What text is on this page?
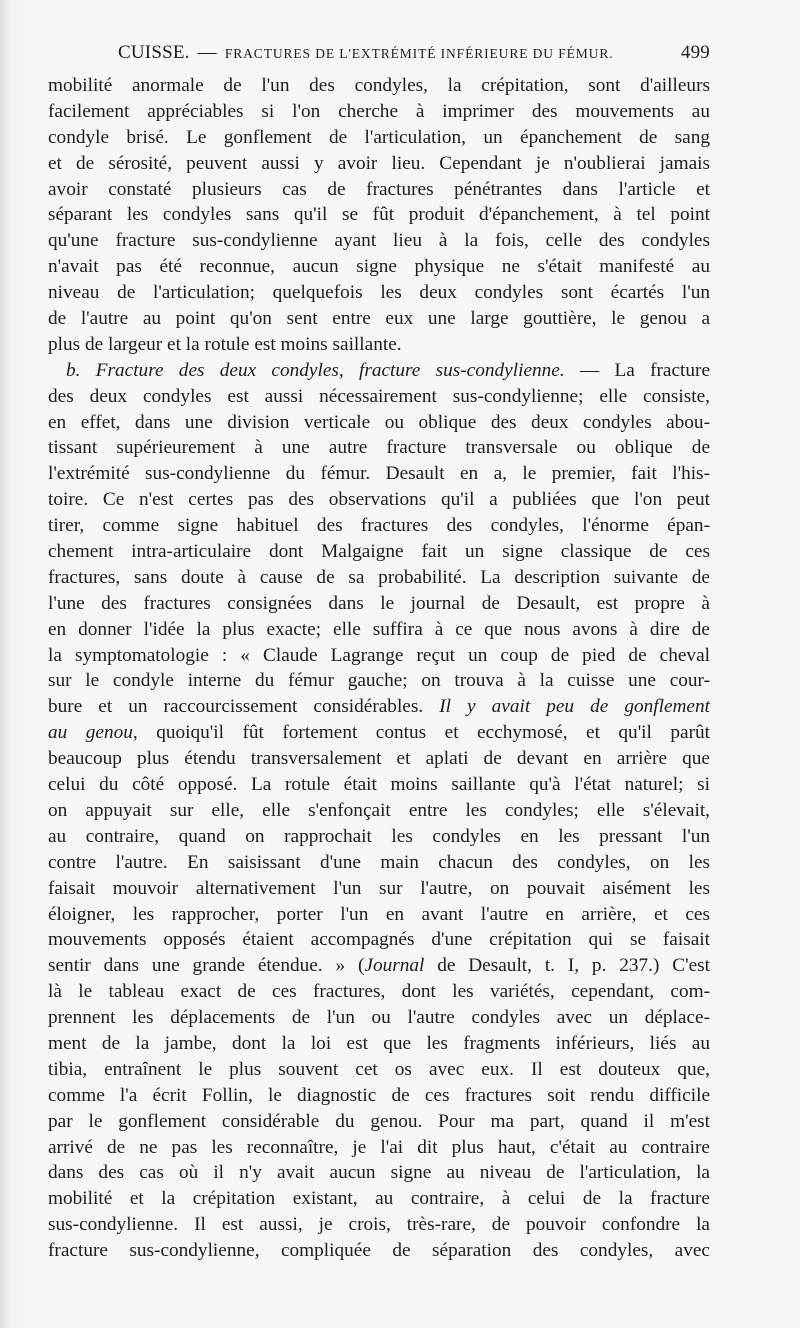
CUISSE. — FRACTURES DE L'EXTRÉMITÉ INFÉRIEURE DU FÉMUR.	499
mobilité anormale de l'un des condyles, la crépitation, sont d'ailleurs
facilement appréciables si l'on cherche à imprimer des mouvements au
condyle brisé. Le gonflement de l'articulation, un épanchement de sang
et de sérosité, peuvent aussi y avoir lieu. Cependant je n'oublierai jamais
avoir constaté plusieurs cas de fractures pénétrantes dans l'article et
séparant les condyles sans qu'il se fût produit d'épanchement, à tel point
qu'une fracture sus-condylienne ayant lieu à la fois, celle des condyles
n'avait pas été reconnue, aucun signe physique ne s'était manifesté au
niveau de l'articulation; quelquefois les deux condyles sont écartés l'un
de l'autre au point qu'on sent entre eux une large gouttière, le genou a
plus de largeur et la rotule est moins saillante.
b. Fracture des deux condyles, fracture sus-condylienne. — La fracture
des deux condyles est aussi nécessairement sus-condylienne; elle consiste,
en effet, dans une division verticale ou oblique des deux condyles abou-
tissant supérieurement à une autre fracture transversale ou oblique de
l'extrémité sus-condylienne du fémur. Desault en a, le premier, fait l'his-
toire. Ce n'est certes pas des observations qu'il a publiées que l'on peut
tirer, comme signe habituel des fractures des condyles, l'énorme épan-
chement intra-articulaire dont Malgaigne fait un signe classique de ces
fractures, sans doute à cause de sa probabilité. La description suivante de
l'une des fractures consignées dans le journal de Desault, est propre à
en donner l'idée la plus exacte; elle suffira à ce que nous avons à dire de
la symptomatologie : « Claude Lagrange reçut un coup de pied de cheval
sur le condyle interne du fémur gauche; on trouva à la cuisse une cour-
bure et un raccourcissement considérables. Il y avait peu de gonflement
au genou, quoiqu'il fût fortement contus et ecchymosé, et qu'il parût
beaucoup plus étendu transversalement et aplati de devant en arrière que
celui du côté opposé. La rotule était moins saillante qu'à l'état naturel; si
on appuyait sur elle, elle s'enfonçait entre les condyles; elle s'élevait,
au contraire, quand on rapprochait les condyles en les pressant l'un
contre l'autre. En saisissant d'une main chacun des condyles, on les
faisait mouvoir alternativement l'un sur l'autre, on pouvait aisément les
éloigner, les rapprocher, porter l'un en avant l'autre en arrière, et ces
mouvements opposés étaient accompagnés d'une crépitation qui se faisait
sentir dans une grande étendue. » (Journal de Desault, t. I, p. 237.) C'est
là le tableau exact de ces fractures, dont les variétés, cependant, com-
prennent les déplacements de l'un ou l'autre condyles avec un déplace-
ment de la jambe, dont la loi est que les fragments inférieurs, liés au
tibia, entraînent le plus souvent cet os avec eux. Il est douteux que,
comme l'a écrit Follin, le diagnostic de ces fractures soit rendu difficile
par le gonflement considérable du genou. Pour ma part, quand il m'est
arrivé de ne pas les reconnaître, je l'ai dit plus haut, c'était au contraire
dans des cas où il n'y avait aucun signe au niveau de l'articulation, la
mobilité et la crépitation existant, au contraire, à celui de la fracture
sus-condylienne. Il est aussi, je crois, très-rare, de pouvoir confondre la
fracture sus-condylienne, compliquée de séparation des condyles, avec
